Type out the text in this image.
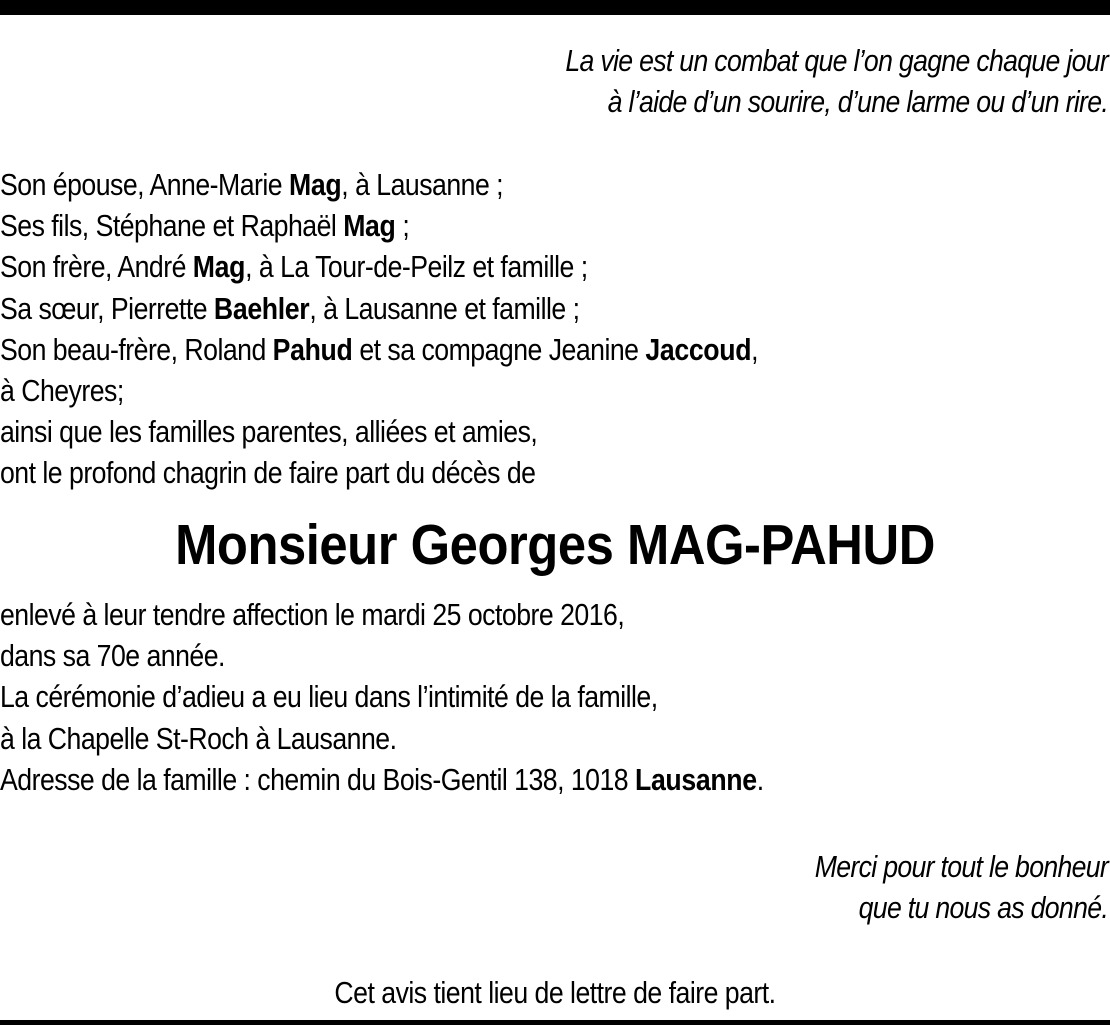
La vie est un combat que l’on gagne chaque jour
à l’aide d’un sourire, d’une larme ou d’un rire.
Son épouse, Anne-Marie Mag, à Lausanne ;
Ses fils, Stéphane et Raphaël Mag ;
Son frère, André Mag, à La Tour-de-Peilz et famille ;
Sa sœur, Pierrette Baehler, à Lausanne et famille ;
Son beau-frère, Roland Pahud et sa compagne Jeanine Jaccoud,
à Cheyres;
ainsi que les familles parentes, alliées et amies,
ont le profond chagrin de faire part du décès de
Monsieur Georges MAG-PAHUD
enlevé à leur tendre affection le mardi 25 octobre 2016,
dans sa 70e année.
La cérémonie d’adieu a eu lieu dans l’intimité de la famille,
à la Chapelle St-Roch à Lausanne.
Adresse de la famille : chemin du Bois-Gentil 138, 1018 Lausanne.
Merci pour tout le bonheur
que tu nous as donné.
Cet avis tient lieu de lettre de faire part.
